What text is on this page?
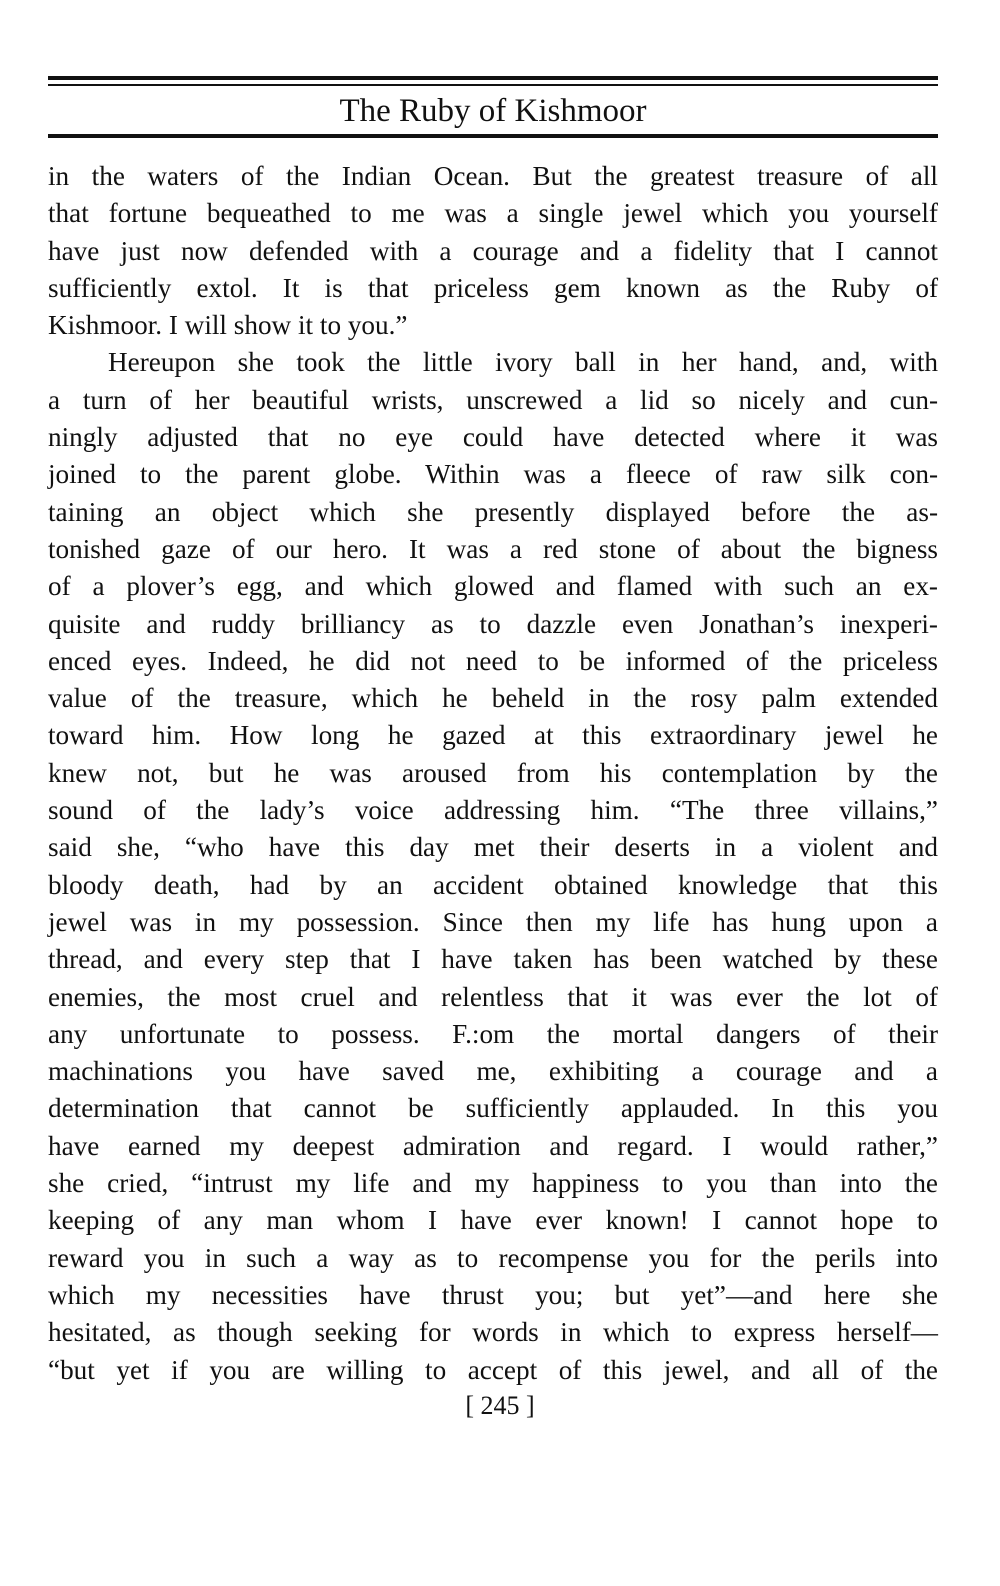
The Ruby of Kishmoor
in the waters of the Indian Ocean. But the greatest treasure of all
that fortune bequeathed to me was a single jewel which you yourself
have just now defended with a courage and a fidelity that I cannot
sufficiently extol. It is that priceless gem known as the Ruby of
Kishmoor. I will show it to you.”
Hereupon she took the little ivory ball in her hand, and, with
a turn of her beautiful wrists, unscrewed a lid so nicely and cun-
ningly adjusted that no eye could have detected where it was
joined to the parent globe. Within was a fleece of raw silk con-
taining an object which she presently displayed before the as-
tonished gaze of our hero. It was a red stone of about the bigness
of a plover’s egg, and which glowed and flamed with such an ex-
quisite and ruddy brilliancy as to dazzle even Jonathan’s inexperi-
enced eyes. Indeed, he did not need to be informed of the priceless
value of the treasure, which he beheld in the rosy palm extended
toward him. How long he gazed at this extraordinary jewel he
knew not, but he was aroused from his contemplation by the
sound of the lady’s voice addressing him. “The three villains,”
said she, “who have this day met their deserts in a violent and
bloody death, had by an accident obtained knowledge that this
jewel was in my possession. Since then my life has hung upon a
thread, and every step that I have taken has been watched by these
enemies, the most cruel and relentless that it was ever the lot of
any unfortunate to possess. F.:om the mortal dangers of their
machinations you have saved me, exhibiting a courage and a
determination that cannot be sufficiently applauded. In this you
have earned my deepest admiration and regard. I would rather,”
she cried, “intrust my life and my happiness to you than into the
keeping of any man whom I have ever known! I cannot hope to
reward you in such a way as to recompense you for the perils into
which my necessities have thrust you; but yet”—and here she
hesitated, as though seeking for words in which to express herself—
“but yet if you are willing to accept of this jewel, and all of the
[ 245 ]
